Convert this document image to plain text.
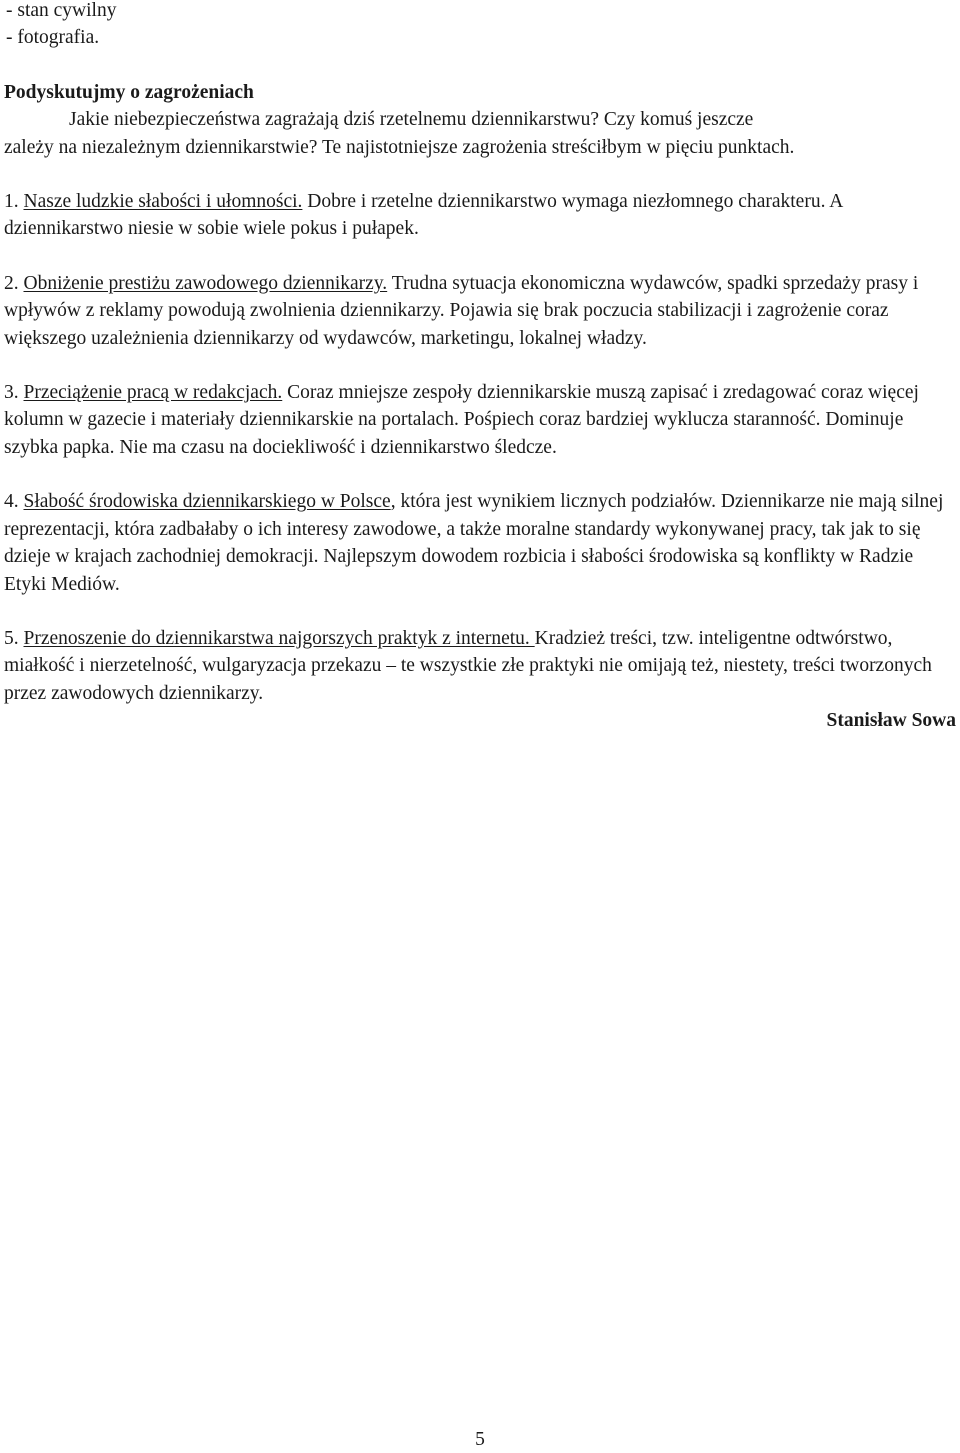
- stan cywilny
- fotografia.
Podyskutujmy o zagrożeniach
Jakie niebezpieczeństwa zagrażają dziś rzetelnemu dziennikarstwu? Czy komuś jeszcze
zależy na niezależnym dziennikarstwie? Te najistotniejsze zagrożenia streściłbym w pięciu punktach.

1. Nasze ludzkie słabości i ułomności. Dobre i rzetelne dziennikarstwo wymaga niezłomnego charakteru. A dziennikarstwo niesie w sobie wiele pokus i pułapek.

2. Obniżenie prestiżu zawodowego dziennikarzy. Trudna sytuacja ekonomiczna wydawców, spadki sprzedaży prasy i wpływów z reklamy powodują zwolnienia dziennikarzy. Pojawia się brak poczucia stabilizacji i zagrożenie coraz większego uzależnienia dziennikarzy od wydawców, marketingu, lokalnej władzy.

3. Przeciążenie pracą w redakcjach. Coraz mniejsze zespoły dziennikarskie muszą zapisać i zredagować coraz więcej kolumn w gazecie i materiały dziennikarskie na portalach. Pośpiech coraz bardziej wyklucza staranność. Dominuje szybka papka. Nie ma czasu na dociekliwość i dziennikarstwo śledcze.

4. Słabość środowiska dziennikarskiego w Polsce, która jest wynikiem licznych podziałów. Dziennikarze nie mają silnej reprezentacji, która zadbałaby o ich interesy zawodowe, a także moralne standardy wykonywanej pracy, tak jak to się dzieje w krajach zachodniej demokracji. Najlepszym dowodem rozbicia i słabości środowiska są konflikty w Radzie Etyki Mediów.

5. Przenoszenie do dziennikarstwa najgorszych praktyk z internetu. Kradzież treści, tzw. inteligentne odtwórstwo, miałkość i nierzetelność, wulgaryzacja przekazu – te wszystkie złe praktyki nie omijają też, niestety, treści tworzonych przez zawodowych dziennikarzy.

Stanisław Sowa

5
